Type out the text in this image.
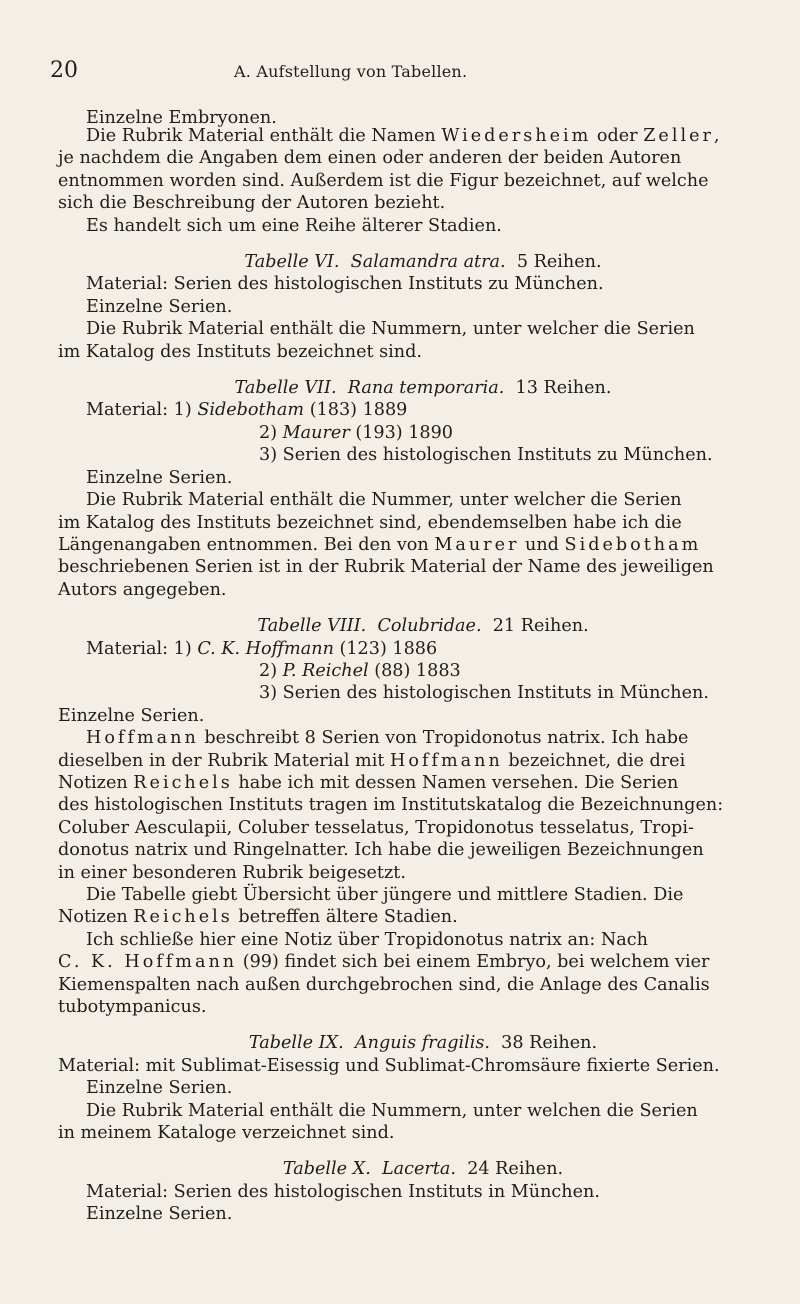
20	A. Aufstellung von Tabellen.
Einzelne Embryonen.
Die Rubrik Material enthält die Namen Wiedersheim oder Zeller,
je nachdem die Angaben dem einen oder anderen der beiden Autoren
entnommen worden sind. Außerdem ist die Figur bezeichnet, auf welche
sich die Beschreibung der Autoren bezieht.
Es handelt sich um eine Reihe älterer Stadien.
Tabelle VI. Salamandra atra. 5 Reihen.
Material: Serien des histologischen Instituts zu München.
Einzelne Serien.
Die Rubrik Material enthält die Nummern, unter welcher die Serien
im Katalog des Instituts bezeichnet sind.
Tabelle VII. Rana temporaria. 13 Reihen.
Material: 1) Sidebotham (183) 1889
2) Maurer (193) 1890
3) Serien des histologischen Instituts zu München.
Einzelne Serien.
Die Rubrik Material enthält die Nummer, unter welcher die Serien
im Katalog des Instituts bezeichnet sind, ebendemselben habe ich die
Längenangaben entnommen. Bei den von Maurer und Sidebotham
beschriebenen Serien ist in der Rubrik Material der Name des jeweiligen
Autors angegeben.
Tabelle VIII. Colubridae. 21 Reihen.
Material: 1) C. K. Hoffmann (123) 1886
2) P. Reichel (88) 1883
3) Serien des histologischen Instituts in München.
Einzelne Serien.
Hoffmann beschreibt 8 Serien von Tropidonotus natrix. Ich habe
dieselben in der Rubrik Material mit Hoffmann bezeichnet, die drei
Notizen Reichels habe ich mit dessen Namen versehen. Die Serien
des histologischen Instituts tragen im Institutskatalog die Bezeichnungen:
Coluber Aesculapii, Coluber tesselatus, Tropidonotus tesselatus, Tropi-
donotus natrix und Ringelnatter. Ich habe die jeweiligen Bezeichnungen
in einer besonderen Rubrik beigesetzt.
Die Tabelle giebt Übersicht über jüngere und mittlere Stadien. Die
Notizen Reichels betreffen ältere Stadien.
Ich schließe hier eine Notiz über Tropidonotus natrix an: Nach
C. K. Hoffmann (99) findet sich bei einem Embryo, bei welchem vier
Kiemenspalten nach außen durchgebrochen sind, die Anlage des Canalis
tubotympanicus.
Tabelle IX. Anguis fragilis. 38 Reihen.
Material: mit Sublimat-Eisessig und Sublimat-Chromsäure fixierte Serien.
Einzelne Serien.
Die Rubrik Material enthält die Nummern, unter welchen die Serien
in meinem Kataloge verzeichnet sind.
Tabelle X. Lacerta. 24 Reihen.
Material: Serien des histologischen Instituts in München.
Einzelne Serien.
